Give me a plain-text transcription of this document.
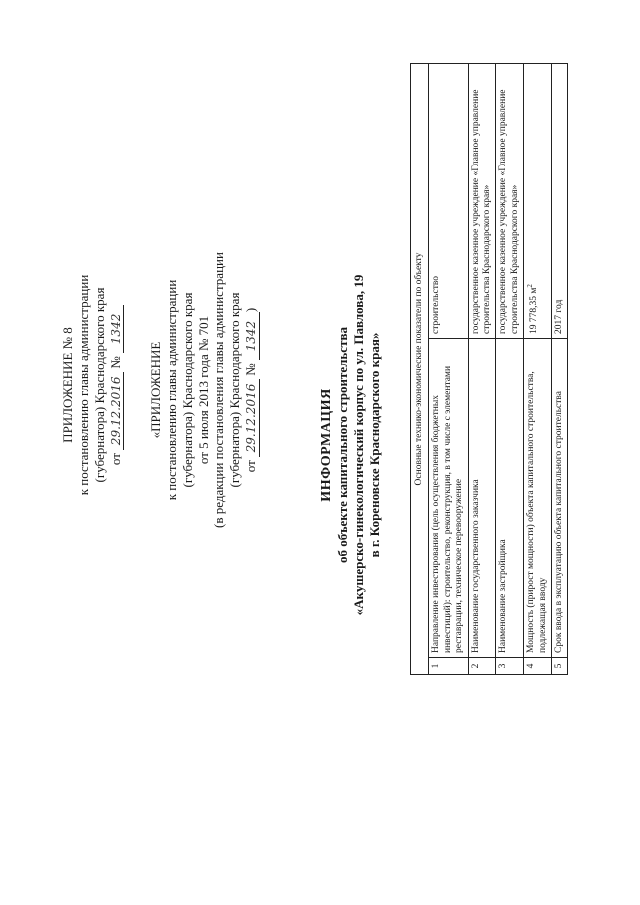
ПРИЛОЖЕНИЕ № 8 к постановлению главы администрации (губернатора) Краснодарского края от 29.12.2016 № 1342
«ПРИЛОЖЕНИЕ к постановлению главы администрации (губернатора) Краснодарского края от 5 июля 2013 года № 701 (в редакции постановления главы администрации (губернатора) Краснодарского края от 29.12.2016 № 1342)
ИНФОРМАЦИЯ об объекте капитального строительства «Акушерско-гинекологический корпус по ул. Павлова, 19 в г. Кореновске Краснодарского края»	Основные технико-экономические показатели по объекту		
1	Направление инвестирования (цель осуществления бюджетных инвестиций): строительство, реконструкция, в том числе с элементами реставрации, техническое перевооружение	строительство
2	Наименование государственного заказчика	государственное казенное учреждение «Главное управление строительства Краснодарского края»
3	Наименование застройщика	государственное казенное учреждение «Главное управление строительства Краснодарского края»
4	Мощность (прирост мощности) объекта капитального строительства, подлежащая вводу	19 778,35 $м^2$
5	Срок ввода в эксплуатацию объекта капитального строительства	2017 год
